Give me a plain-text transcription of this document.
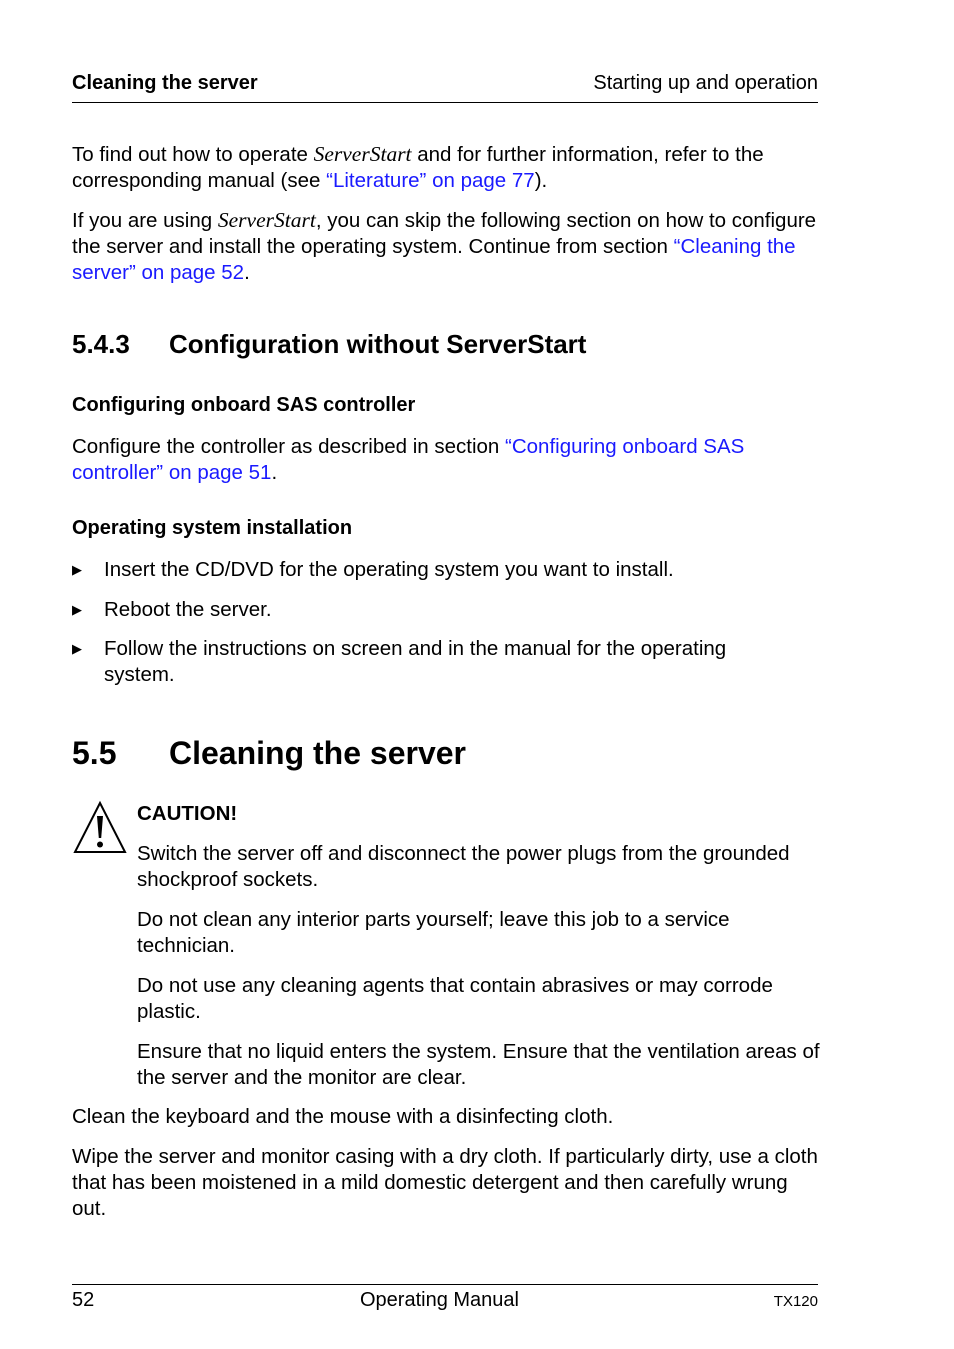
Cleaning the server	Starting up and operation
To find out how to operate ServerStart and for further information, refer to the corresponding manual (see “Literature” on page 77).
If you are using ServerStart, you can skip the following section on how to configure the server and install the operating system. Continue from section “Cleaning the server” on page 52.
5.4.3 Configuration without ServerStart
Configuring onboard SAS controller
Configure the controller as described in section “Configuring onboard SAS controller” on page 51.
Operating system installation
▶ Insert the CD/DVD for the operating system you want to install.
▶ Reboot the server.
▶ Follow the instructions on screen and in the manual for the operating system.
5.5 Cleaning the server
CAUTION!
Switch the server off and disconnect the power plugs from the grounded shockproof sockets.
Do not clean any interior parts yourself; leave this job to a service technician.
Do not use any cleaning agents that contain abrasives or may corrode plastic.
Ensure that no liquid enters the system. Ensure that the ventilation areas of the server and the monitor are clear.
Clean the keyboard and the mouse with a disinfecting cloth.
Wipe the server and monitor casing with a dry cloth. If particularly dirty, use a cloth that has been moistened in a mild domestic detergent and then carefully wrung out.
52	Operating Manual	TX120
